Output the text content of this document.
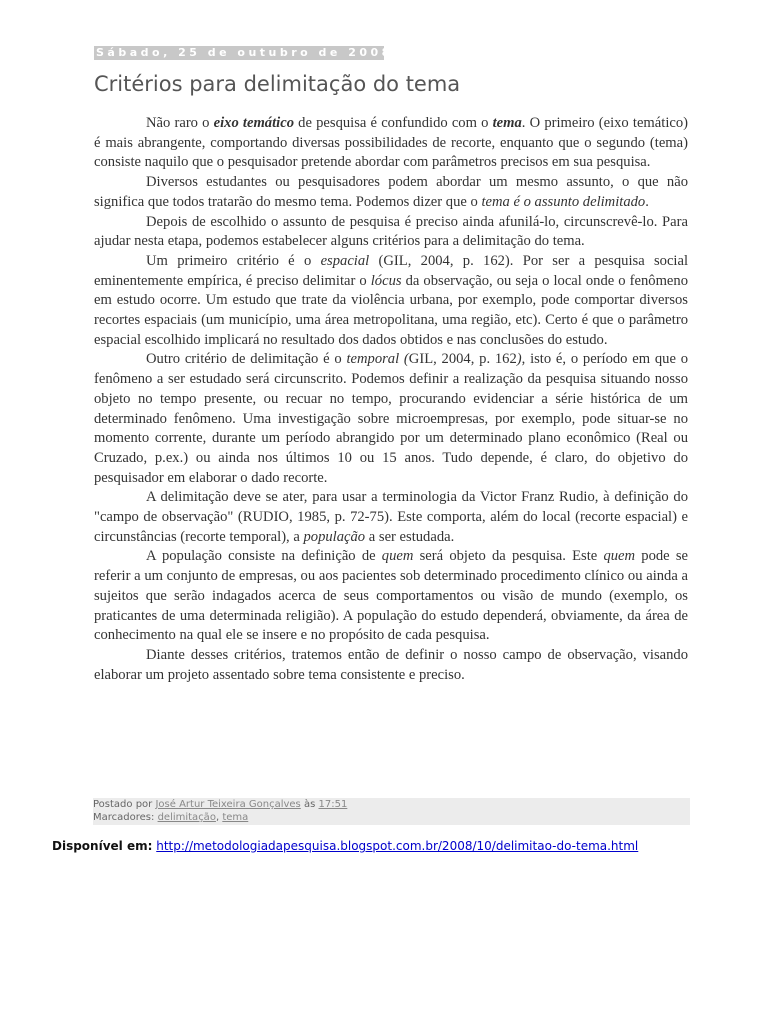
Sábado, 25 de outubro de 2008.
Critérios para delimitação do tema

Não raro o eixo temático de pesquisa é confundido com o tema. O primeiro (eixo temático) é mais abrangente, comportando diversas possibilidades de recorte, enquanto que o segundo (tema) consiste naquilo que o pesquisador pretende abordar com parâmetros precisos em sua pesquisa.

Diversos estudantes ou pesquisadores podem abordar um mesmo assunto, o que não significa que todos tratarão do mesmo tema. Podemos dizer que o tema é o assunto delimitado.

Depois de escolhido o assunto de pesquisa é preciso ainda afunilá-lo, circunscrevê-lo. Para ajudar nesta etapa, podemos estabelecer alguns critérios para a delimitação do tema.

Um primeiro critério é o espacial (GIL, 2004, p. 162). Por ser a pesquisa social eminentemente empírica, é preciso delimitar o lócus da observação, ou seja o local onde o fenômeno em estudo ocorre. Um estudo que trate da violência urbana, por exemplo, pode comportar diversos recortes espaciais (um município, uma área metropolitana, uma região, etc). Certo é que o parâmetro espacial escolhido implicará no resultado dos dados obtidos e nas conclusões do estudo.

Outro critério de delimitação é o temporal (GIL, 2004, p. 162), isto é, o período em que o fenômeno a ser estudado será circunscrito. Podemos definir a realização da pesquisa situando nosso objeto no tempo presente, ou recuar no tempo, procurando evidenciar a série histórica de um determinado fenômeno. Uma investigação sobre microempresas, por exemplo, pode situar-se no momento corrente, durante um período abrangido por um determinado plano econômico (Real ou Cruzado, p.ex.) ou ainda nos últimos 10 ou 15 anos. Tudo depende, é claro, do objetivo do pesquisador em elaborar o dado recorte.

A delimitação deve se ater, para usar a terminologia da Victor Franz Rudio, à definição do "campo de observação" (RUDIO, 1985, p. 72-75). Este comporta, além do local (recorte espacial) e circunstâncias (recorte temporal), a população a ser estudada.

A população consiste na definição de quem será objeto da pesquisa. Este quem pode se referir a um conjunto de empresas, ou aos pacientes sob determinado procedimento clínico ou ainda a sujeitos que serão indagados acerca de seus comportamentos ou visão de mundo (exemplo, os praticantes de uma determinada religião). A população do estudo dependerá, obviamente, da área de conhecimento na qual ele se insere e no propósito de cada pesquisa.

Diante desses critérios, tratemos então de definir o nosso campo de observação, visando elaborar um projeto assentado sobre tema consistente e preciso.

Postado por José Artur Teixeira Gonçalves às 17:51
Marcadores: delimitação, tema
Disponível em: http://metodologiadapesquisa.blogspot.com.br/2008/10/delimitao-do-tema.html
